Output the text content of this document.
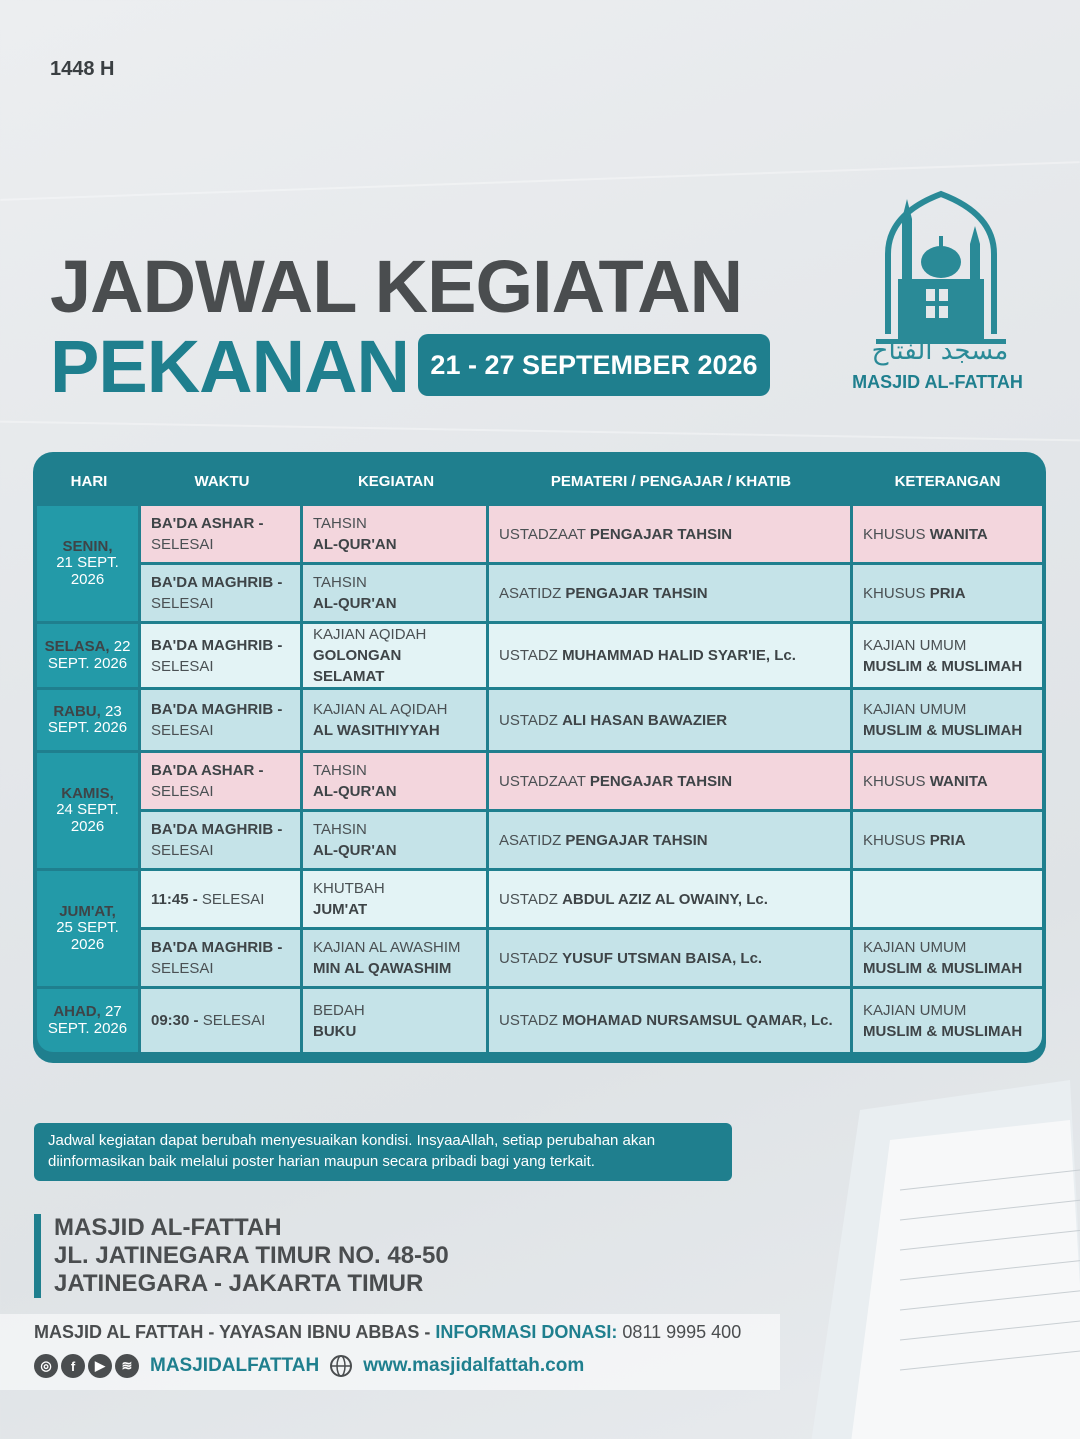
1448 H
JADWAL KEGIATAN
PEKANAN 21 - 27 SEPTEMBER 2026	مسجد الفتاح
MASJID AL-FATTAH
HARI	WAKTU	KEGIATAN	PEMATERI / PENGAJAR / KHATIB	KETERANGAN
SENIN,
21 SEPT. 2026	BA'DA ASHAR -
SELESAI	TAHSIN
AL-QUR'AN	USTADZAAT PENGAJAR TAHSIN	KHUSUS WANITA
	BA'DA MAGHRIB -
SELESAI	TAHSIN
AL-QUR'AN	ASATIDZ PENGAJAR TAHSIN	KHUSUS PRIA
SELASA, 22 SEPT. 2026	BA'DA MAGHRIB -
SELESAI	KAJIAN AQIDAH
GOLONGAN SELAMAT	USTADZ MUHAMMAD HALID SYAR'IE, Lc.	KAJIAN UMUM
MUSLIM & MUSLIMAH
RABU, 23 SEPT. 2026	BA'DA MAGHRIB -
SELESAI	KAJIAN AL AQIDAH
AL WASITHIYYAH	USTADZ ALI HASAN BAWAZIER	KAJIAN UMUM
MUSLIM & MUSLIMAH
KAMIS,
24 SEPT. 2026	BA'DA ASHAR -
SELESAI	TAHSIN
AL-QUR'AN	USTADZAAT PENGAJAR TAHSIN	KHUSUS WANITA
	BA'DA MAGHRIB -
SELESAI	TAHSIN
AL-QUR'AN	ASATIDZ PENGAJAR TAHSIN	KHUSUS PRIA
JUM'AT,
25 SEPT. 2026	11:45 - SELESAI	KHUTBAH
JUM'AT	USTADZ ABDUL AZIZ AL OWAINY, Lc.	
	BA'DA MAGHRIB -
SELESAI	KAJIAN AL AWASHIM
MIN AL QAWASHIM	USTADZ YUSUF UTSMAN BAISA, Lc.	KAJIAN UMUM
MUSLIM & MUSLIMAH
AHAD, 27 SEPT. 2026	09:30 - SELESAI	BEDAH
BUKU	USTADZ MOHAMAD NURSAMSUL QAMAR, Lc.	KAJIAN UMUM
MUSLIM & MUSLIMAH
Jadwal kegiatan dapat berubah menyesuaikan kondisi. InsyaaAllah, setiap perubahan akan diinformasikan baik melalui poster harian maupun secara pribadi bagi yang terkait.
MASJID AL-FATTAH
JL. JATINEGARA TIMUR NO. 48-50
JATINEGARA - JAKARTA TIMUR
MASJID AL FATTAH - YAYASAN IBNU ABBAS - INFORMASI DONASI: 0811 9995 400
◎	f	▶	≋ MASJIDALFATTAH www.masjidalfattah.com
